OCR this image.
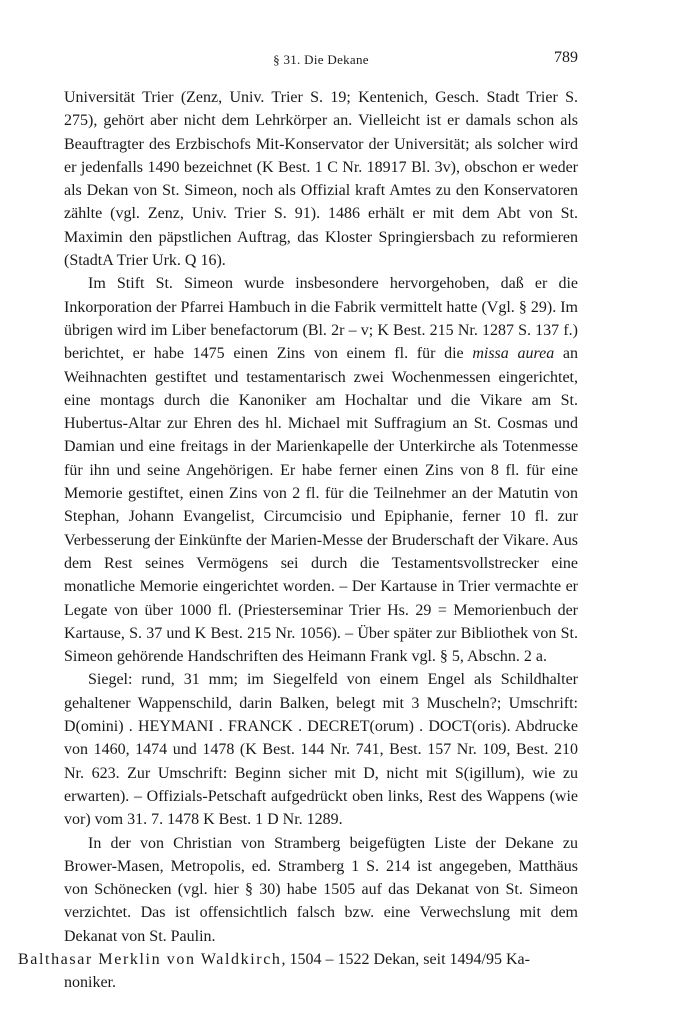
§ 31. Die Dekane	789

Universität Trier (Zenz, Univ. Trier S. 19; Kentenich, Gesch. Stadt Trier S. 275), gehört aber nicht dem Lehrkörper an. Vielleicht ist er damals schon als Beauftragter des Erzbischofs Mit-Konservator der Universität; als solcher wird er jedenfalls 1490 bezeichnet (K Best. 1 C Nr. 18917 Bl. 3v), obschon er weder als Dekan von St. Simeon, noch als Offizial kraft Amtes zu den Konservatoren zählte (vgl. Zenz, Univ. Trier S. 91). 1486 erhält er mit dem Abt von St. Maximin den päpstlichen Auftrag, das Kloster Springiersbach zu reformieren (StadtA Trier Urk. Q 16).

Im Stift St. Simeon wurde insbesondere hervorgehoben, daß er die Inkorporation der Pfarrei Hambuch in die Fabrik vermittelt hatte (Vgl. § 29). Im übrigen wird im Liber benefactorum (Bl. 2r – v; K Best. 215 Nr. 1287 S. 137 f.) berichtet, er habe 1475 einen Zins von einem fl. für die missa aurea an Weihnachten gestiftet und testamentarisch zwei Wochenmessen eingerichtet, eine montags durch die Kanoniker am Hochaltar und die Vikare am St. Hubertus-Altar zur Ehren des hl. Michael mit Suffragium an St. Cosmas und Damian und eine freitags in der Marienkapelle der Unterkirche als Totenmesse für ihn und seine Angehörigen. Er habe ferner einen Zins von 8 fl. für eine Memorie gestiftet, einen Zins von 2 fl. für die Teilnehmer an der Matutin von Stephan, Johann Evangelist, Circumcisio und Epiphanie, ferner 10 fl. zur Verbesserung der Einkünfte der Marien-Messe der Bruderschaft der Vikare. Aus dem Rest seines Vermögens sei durch die Testamentsvollstrecker eine monatliche Memorie eingerichtet worden. – Der Kartause in Trier vermachte er Legate von über 1000 fl. (Priesterseminar Trier Hs. 29 = Memorienbuch der Kartause, S. 37 und K Best. 215 Nr. 1056). – Über später zur Bibliothek von St. Simeon gehörende Handschriften des Heimann Frank vgl. § 5, Abschn. 2 a.

Siegel: rund, 31 mm; im Siegelfeld von einem Engel als Schildhalter gehaltener Wappenschild, darin Balken, belegt mit 3 Muscheln?; Umschrift: D(omini) . HEYMANI . FRANCK . DECRET(orum) . DOCT(oris). Abdrucke von 1460, 1474 und 1478 (K Best. 144 Nr. 741, Best. 157 Nr. 109, Best. 210 Nr. 623. Zur Umschrift: Beginn sicher mit D, nicht mit S(igillum), wie zu erwarten). – Offizials-Petschaft aufgedrückt oben links, Rest des Wappens (wie vor) vom 31. 7. 1478 K Best. 1 D Nr. 1289.

In der von Christian von Stramberg beigefügten Liste der Dekane zu Brower-Masen, Metropolis, ed. Stramberg 1 S. 214 ist angegeben, Matthäus von Schönecken (vgl. hier § 30) habe 1505 auf das Dekanat von St. Simeon verzichtet. Das ist offensichtlich falsch bzw. eine Verwechslung mit dem Dekanat von St. Paulin.

Balthasar Merklin von Waldkirch, 1504 – 1522 Dekan, seit 1494/95 Ka-
noniker.
